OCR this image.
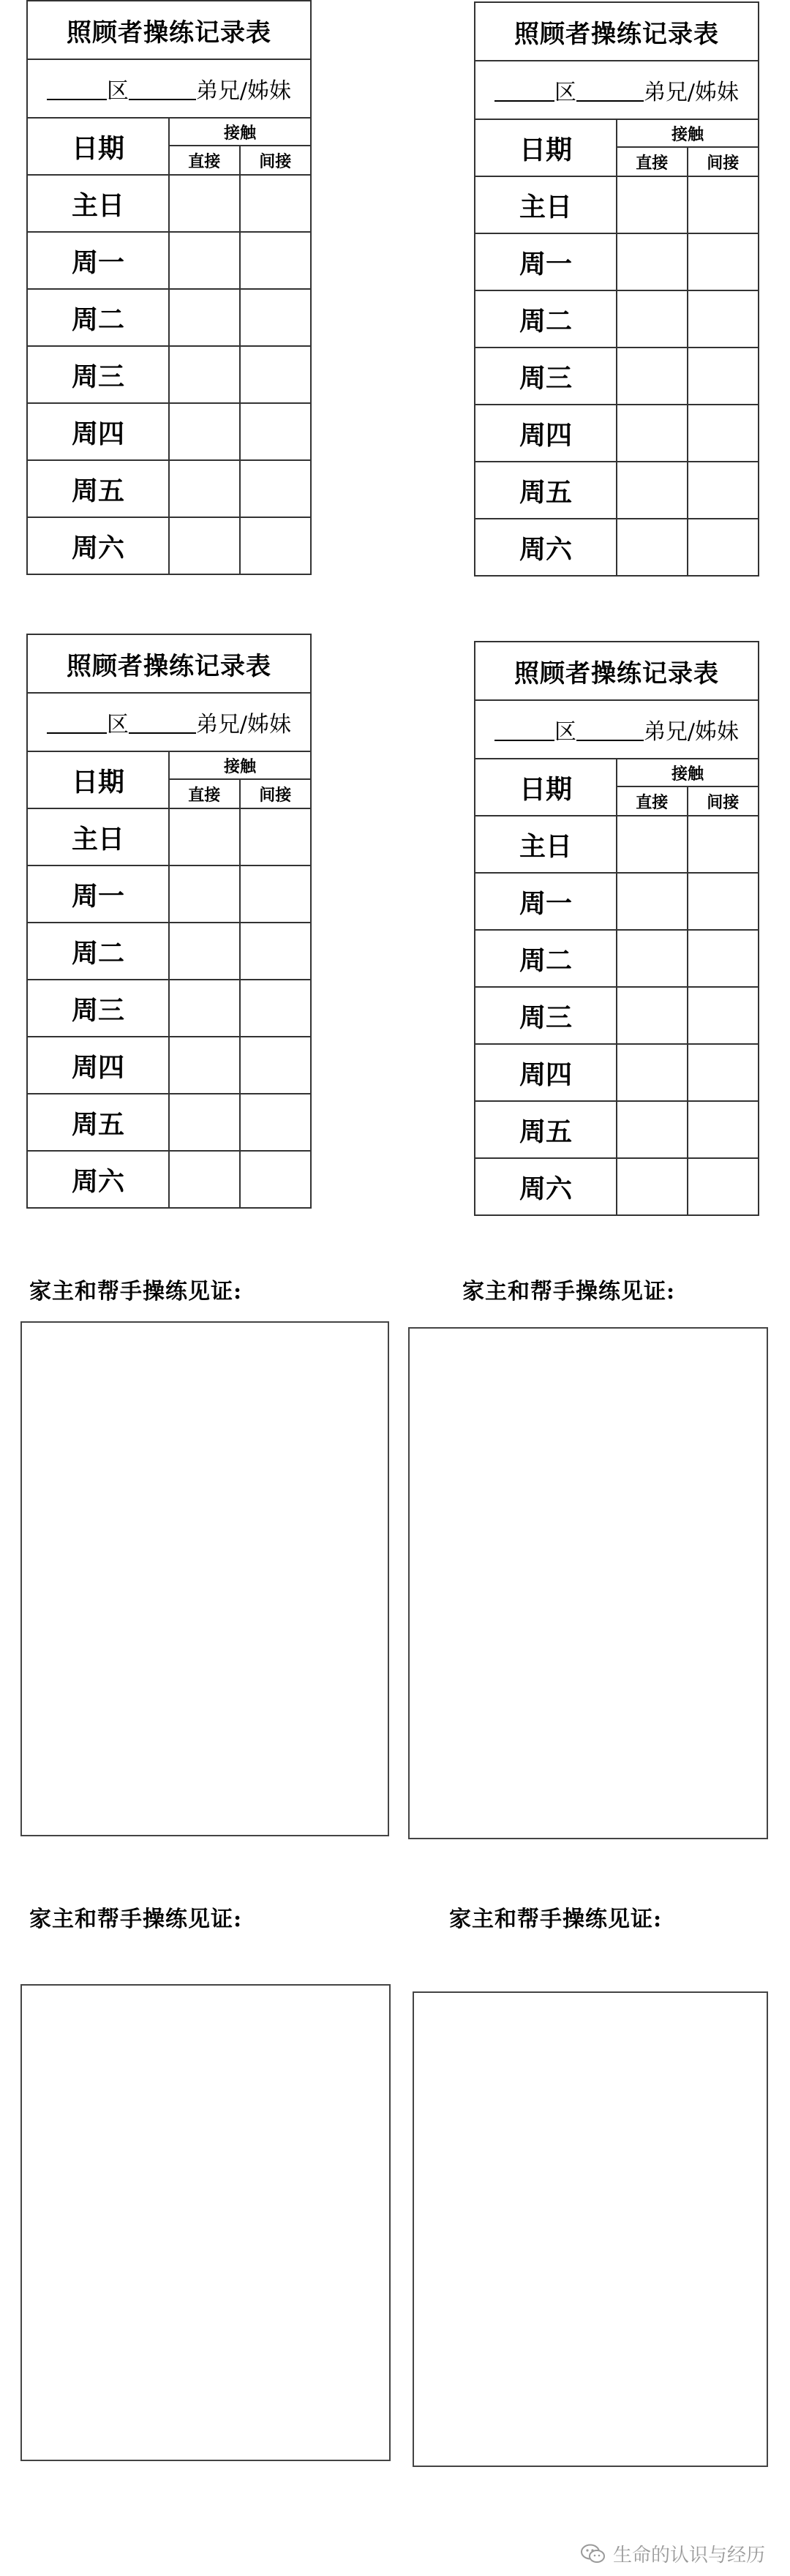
照顾者操练记录表
区	弟兄/姊妹
日期	接触	
	直接	间接
主日		
周一		
周二		
周三		
周四		
周五		
周六		
照顾者操练记录表
区	弟兄/姊妹
日期	接触	
	直接	间接
主日		
周一		
周二		
周三		
周四		
周五		
周六		
照顾者操练记录表
区	弟兄/姊妹
日期	接触	
	直接	间接
主日		
周一		
周二		
周三		
周四		
周五		
周六		
照顾者操练记录表
区	弟兄/姊妹
日期	接触	
	直接	间接
主日		
周一		
周二		
周三		
周四		
周五		
周六		
家主和帮手操练见证:	家主和帮手操练见证:
家主和帮手操练见证:	家主和帮手操练见证:
生命的认识与经历
